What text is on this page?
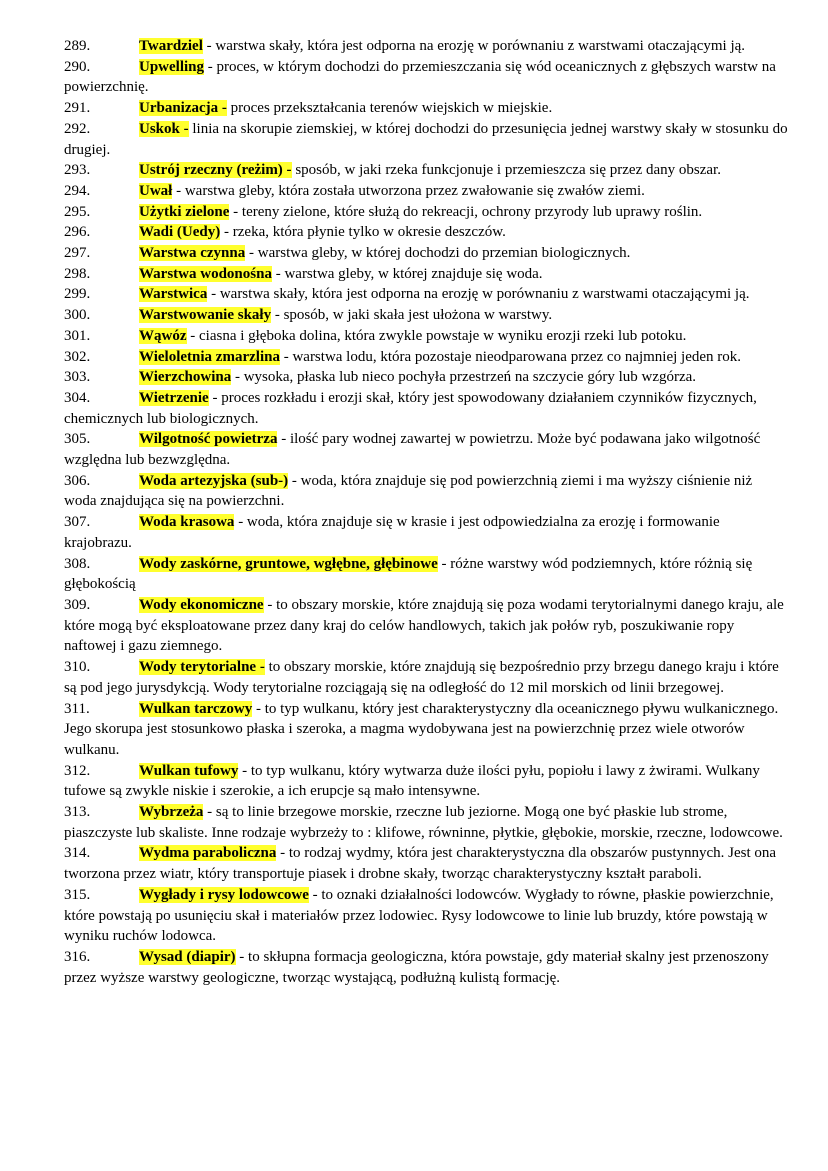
289.	Twardziel - warstwa skały, która jest odporna na erozję w porównaniu z warstwami otaczającymi ją.

290.	Upwelling - proces, w którym dochodzi do przemieszczania się wód oceanicznych z głębszych warstw na powierzchnię.

291.	Urbanizacja - proces przekształcania terenów wiejskich w miejskie.

292.	Uskok - linia na skorupie ziemskiej, w której dochodzi do przesunięcia jednej warstwy skały w stosunku do drugiej.

293.	Ustrój rzeczny (reżim) - sposób, w jaki rzeka funkcjonuje i przemieszcza się przez dany obszar.

294.	Uwał - warstwa gleby, która została utworzona przez zwałowanie się zwałów ziemi.

295.	Użytki zielone - tereny zielone, które służą do rekreacji, ochrony przyrody lub uprawy roślin.

296.	Wadi (Uedy) - rzeka, która płynie tylko w okresie deszczów.

297.	Warstwa czynna - warstwa gleby, w której dochodzi do przemian biologicznych.

298.	Warstwa wodonośna - warstwa gleby, w której znajduje się woda.

299.	Warstwica - warstwa skały, która jest odporna na erozję w porównaniu z warstwami otaczającymi ją.

300.	Warstwowanie skały - sposób, w jaki skała jest ułożona w warstwy.

301.	Wąwóz - ciasna i głęboka dolina, która zwykle powstaje w wyniku erozji rzeki lub potoku.

302.	Wieloletnia zmarzlina - warstwa lodu, która pozostaje nieodparowana przez co najmniej jeden rok.

303.	Wierzchowina - wysoka, płaska lub nieco pochyła przestrzeń na szczycie góry lub wzgórza.

304.	Wietrzenie - proces rozkładu i erozji skał, który jest spowodowany działaniem czynników fizycznych, chemicznych lub biologicznych.

305.	Wilgotność powietrza - ilość pary wodnej zawartej w powietrzu. Może być podawana jako wilgotność względna lub bezwzględna.

306.	Woda artezyjska (sub-) - woda, która znajduje się pod powierzchnią ziemi i ma wyższy ciśnienie niż woda znajdująca się na powierzchni.

307.	Woda krasowa - woda, która znajduje się w krasie i jest odpowiedzialna za erozję i formowanie krajobrazu.

308.	Wody zaskórne, gruntowe, wgłębne, głębinowe - różne warstwy wód podziemnych, które różnią się głębokością

309.	Wody ekonomiczne - to obszary morskie, które znajdują się poza wodami terytorialnymi danego kraju, ale które mogą być eksploatowane przez dany kraj do celów handlowych, takich jak połów ryb, poszukiwanie ropy naftowej i gazu ziemnego.

310.	Wody terytorialne - to obszary morskie, które znajdują się bezpośrednio przy brzegu danego kraju i które są pod jego jurysdykcją. Wody terytorialne rozciągają się na odległość do 12 mil morskich od linii brzegowej.

311.	Wulkan tarczowy - to typ wulkanu, który jest charakterystyczny dla oceanicznego pływu wulkanicznego. Jego skorupa jest stosunkowo płaska i szeroka, a magma wydobywana jest na powierzchnię przez wiele otworów wulkanu.

312.	Wulkan tufowy - to typ wulkanu, który wytwarza duże ilości pyłu, popiołu i lawy z żwirami. Wulkany tufowe są zwykle niskie i szerokie, a ich erupcje są mało intensywne.

313.	Wybrzeża - są to linie brzegowe morskie, rzeczne lub jeziorne. Mogą one być płaskie lub strome, piaszczyste lub skaliste. Inne rodzaje wybrzeży to : klifowe, równinne, płytkie, głębokie, morskie, rzeczne, lodowcowe.

314.	Wydma paraboliczna - to rodzaj wydmy, która jest charakterystyczna dla obszarów pustynnych. Jest ona tworzona przez wiatr, który transportuje piasek i drobne skały, tworząc charakterystyczny kształt paraboli.

315.	Wygłady i rysy lodowcowe - to oznaki działalności lodowców. Wygłady to równe, płaskie powierzchnie, które powstają po usunięciu skał i materiałów przez lodowiec. Rysy lodowcowe to linie lub bruzdy, które powstają w wyniku ruchów lodowca.

316.	Wysad (diapir) - to skłupna formacja geologiczna, która powstaje, gdy materiał skalny jest przenoszony przez wyższe warstwy geologiczne, tworząc wystającą, podłużną kulistą formację.
